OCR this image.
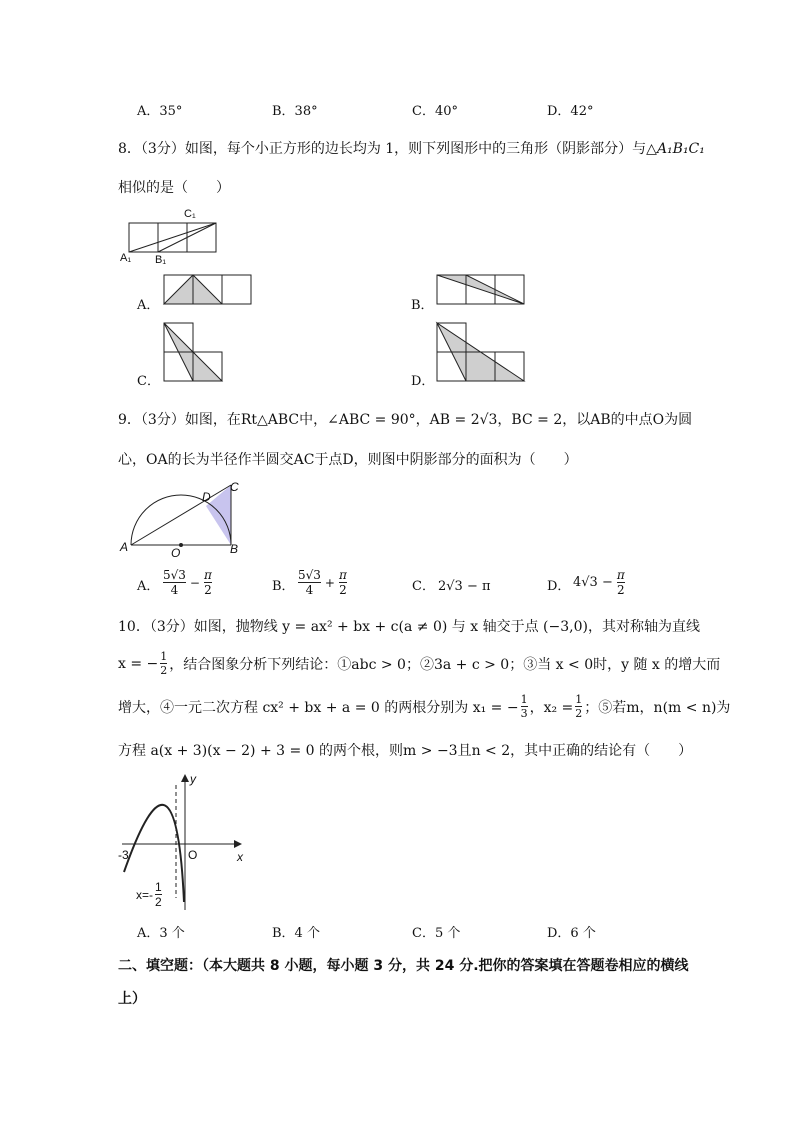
A．35°	B．38°	C．40°	D．42°
8．（3分）如图，每个小正方形的边长均为 1，则下列图形中的三角形（阴影部分）与△A₁B₁C₁
相似的是（　　）
C₁
A₁ B₁
A．	B．
C．	D．
9．（3分）如图，在Rt△ABC中，∠ABC = 90°，AB = 2√3，BC = 2，以AB的中点O为圆
心，OA的长为半径作半圆交AC于点D，则图中阴影部分的面积为（　　）
A	B
C
D
O
A． $\frac{5√3}{4} - \frac{\pi}{2}$	B． $\frac{5√3}{4} + \frac{\pi}{2}$	C． 2√3 − π	D． $4√3 - \frac{\pi}{2}$
10．（3分）如图，抛物线 y = ax² + bx + c(a ≠ 0) 与 x 轴交于点 (−3,0)，其对称轴为直线
x = − $\frac{1}{2}$ ，结合图象分析下列结论：①abc > 0；②3a + c > 0；③当 x < 0时，y 随 x 的增大而
增大，④一元二次方程 cx² + bx + a = 0 的两根分别为 x₁ = − $\frac{1}{3}$ ，$x_2 = \frac{1}{2}$ ；⑤若m，n(m < n)为
方程 a(x + 3)(x − 2) + 3 = 0 的两个根，则m > −3且n < 2，其中正确的结论有（　　）
y
x
-3	O
$x=- \frac{1}{2}$
A．3 个	B．4 个	C．5 个	D．6 个
二、填空题：（本大题共 8 小题，每小题 3 分，共 24 分.把你的答案填在答题卷相应的横线
上）
